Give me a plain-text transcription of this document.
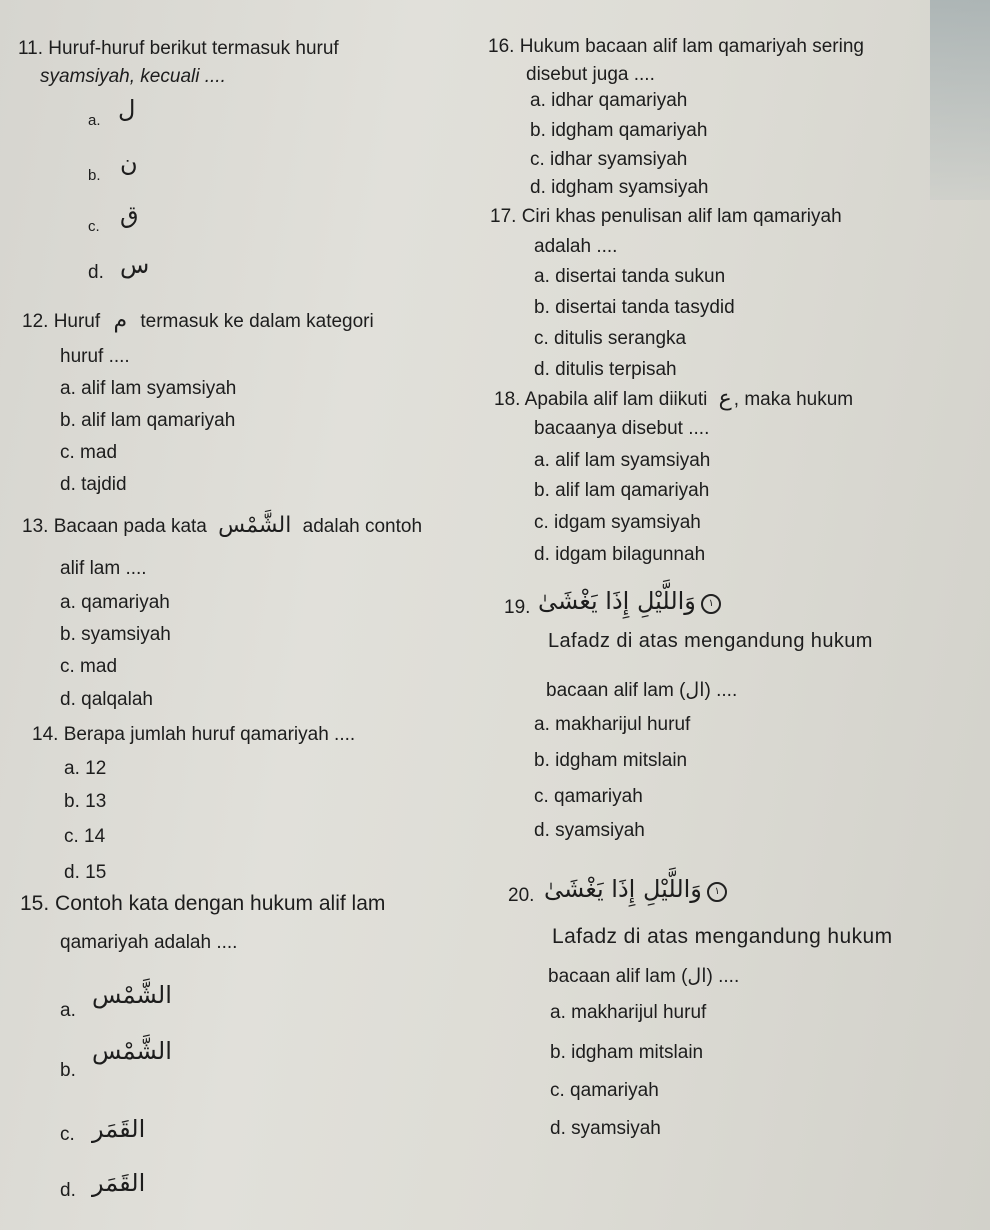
11. Huruf-huruf berikut termasuk huruf
syamsiyah, kecuali ....
a. ل
b. ن
c. ق
d. س
12. Huruf م termasuk ke dalam kategori
huruf ....
a. alif lam syamsiyah
b. alif lam qamariyah
c. mad
d. tajdid
13. Bacaan pada kata الشَّمْس adalah contoh
alif lam ....
a. qamariyah
b. syamsiyah
c. mad
d. qalqalah
14. Berapa jumlah huruf qamariyah ....
a. 12
b. 13
c. 14
d. 15
15. Contoh kata dengan hukum alif lam
qamariyah adalah ....
a.
الشَّمْس
b.
الشَّمْس
c. القَمَر
d. القَمَر
16. Hukum bacaan alif lam qamariyah sering
disebut juga ....
a. idhar qamariyah
b. idgham qamariyah
c. idhar syamsiyah
d. idgham syamsiyah
17. Ciri khas penulisan alif lam qamariyah
adalah ....
a. disertai tanda sukun
b. disertai tanda tasydid
c. ditulis serangka
d. ditulis terpisah
18. Apabila alif lam diikuti ع , maka hukum
bacaanya disebut ....
a. alif lam syamsiyah
b. alif lam qamariyah
c. idgam syamsiyah
d. idgam bilagunnah
19.	١ وَاللَّيْلِ إِذَا يَغْشَىٰ
Lafadz di atas mengandung hukum
bacaan alif lam (ال) ....
a. makharijul huruf
b. idgham mitslain
c. qamariyah
d. syamsiyah
20.	١ وَاللَّيْلِ إِذَا يَغْشَىٰ
Lafadz di atas mengandung hukum
bacaan alif lam (ال) ....
a. makharijul huruf
b. idgham mitslain
c. qamariyah
d. syamsiyah
